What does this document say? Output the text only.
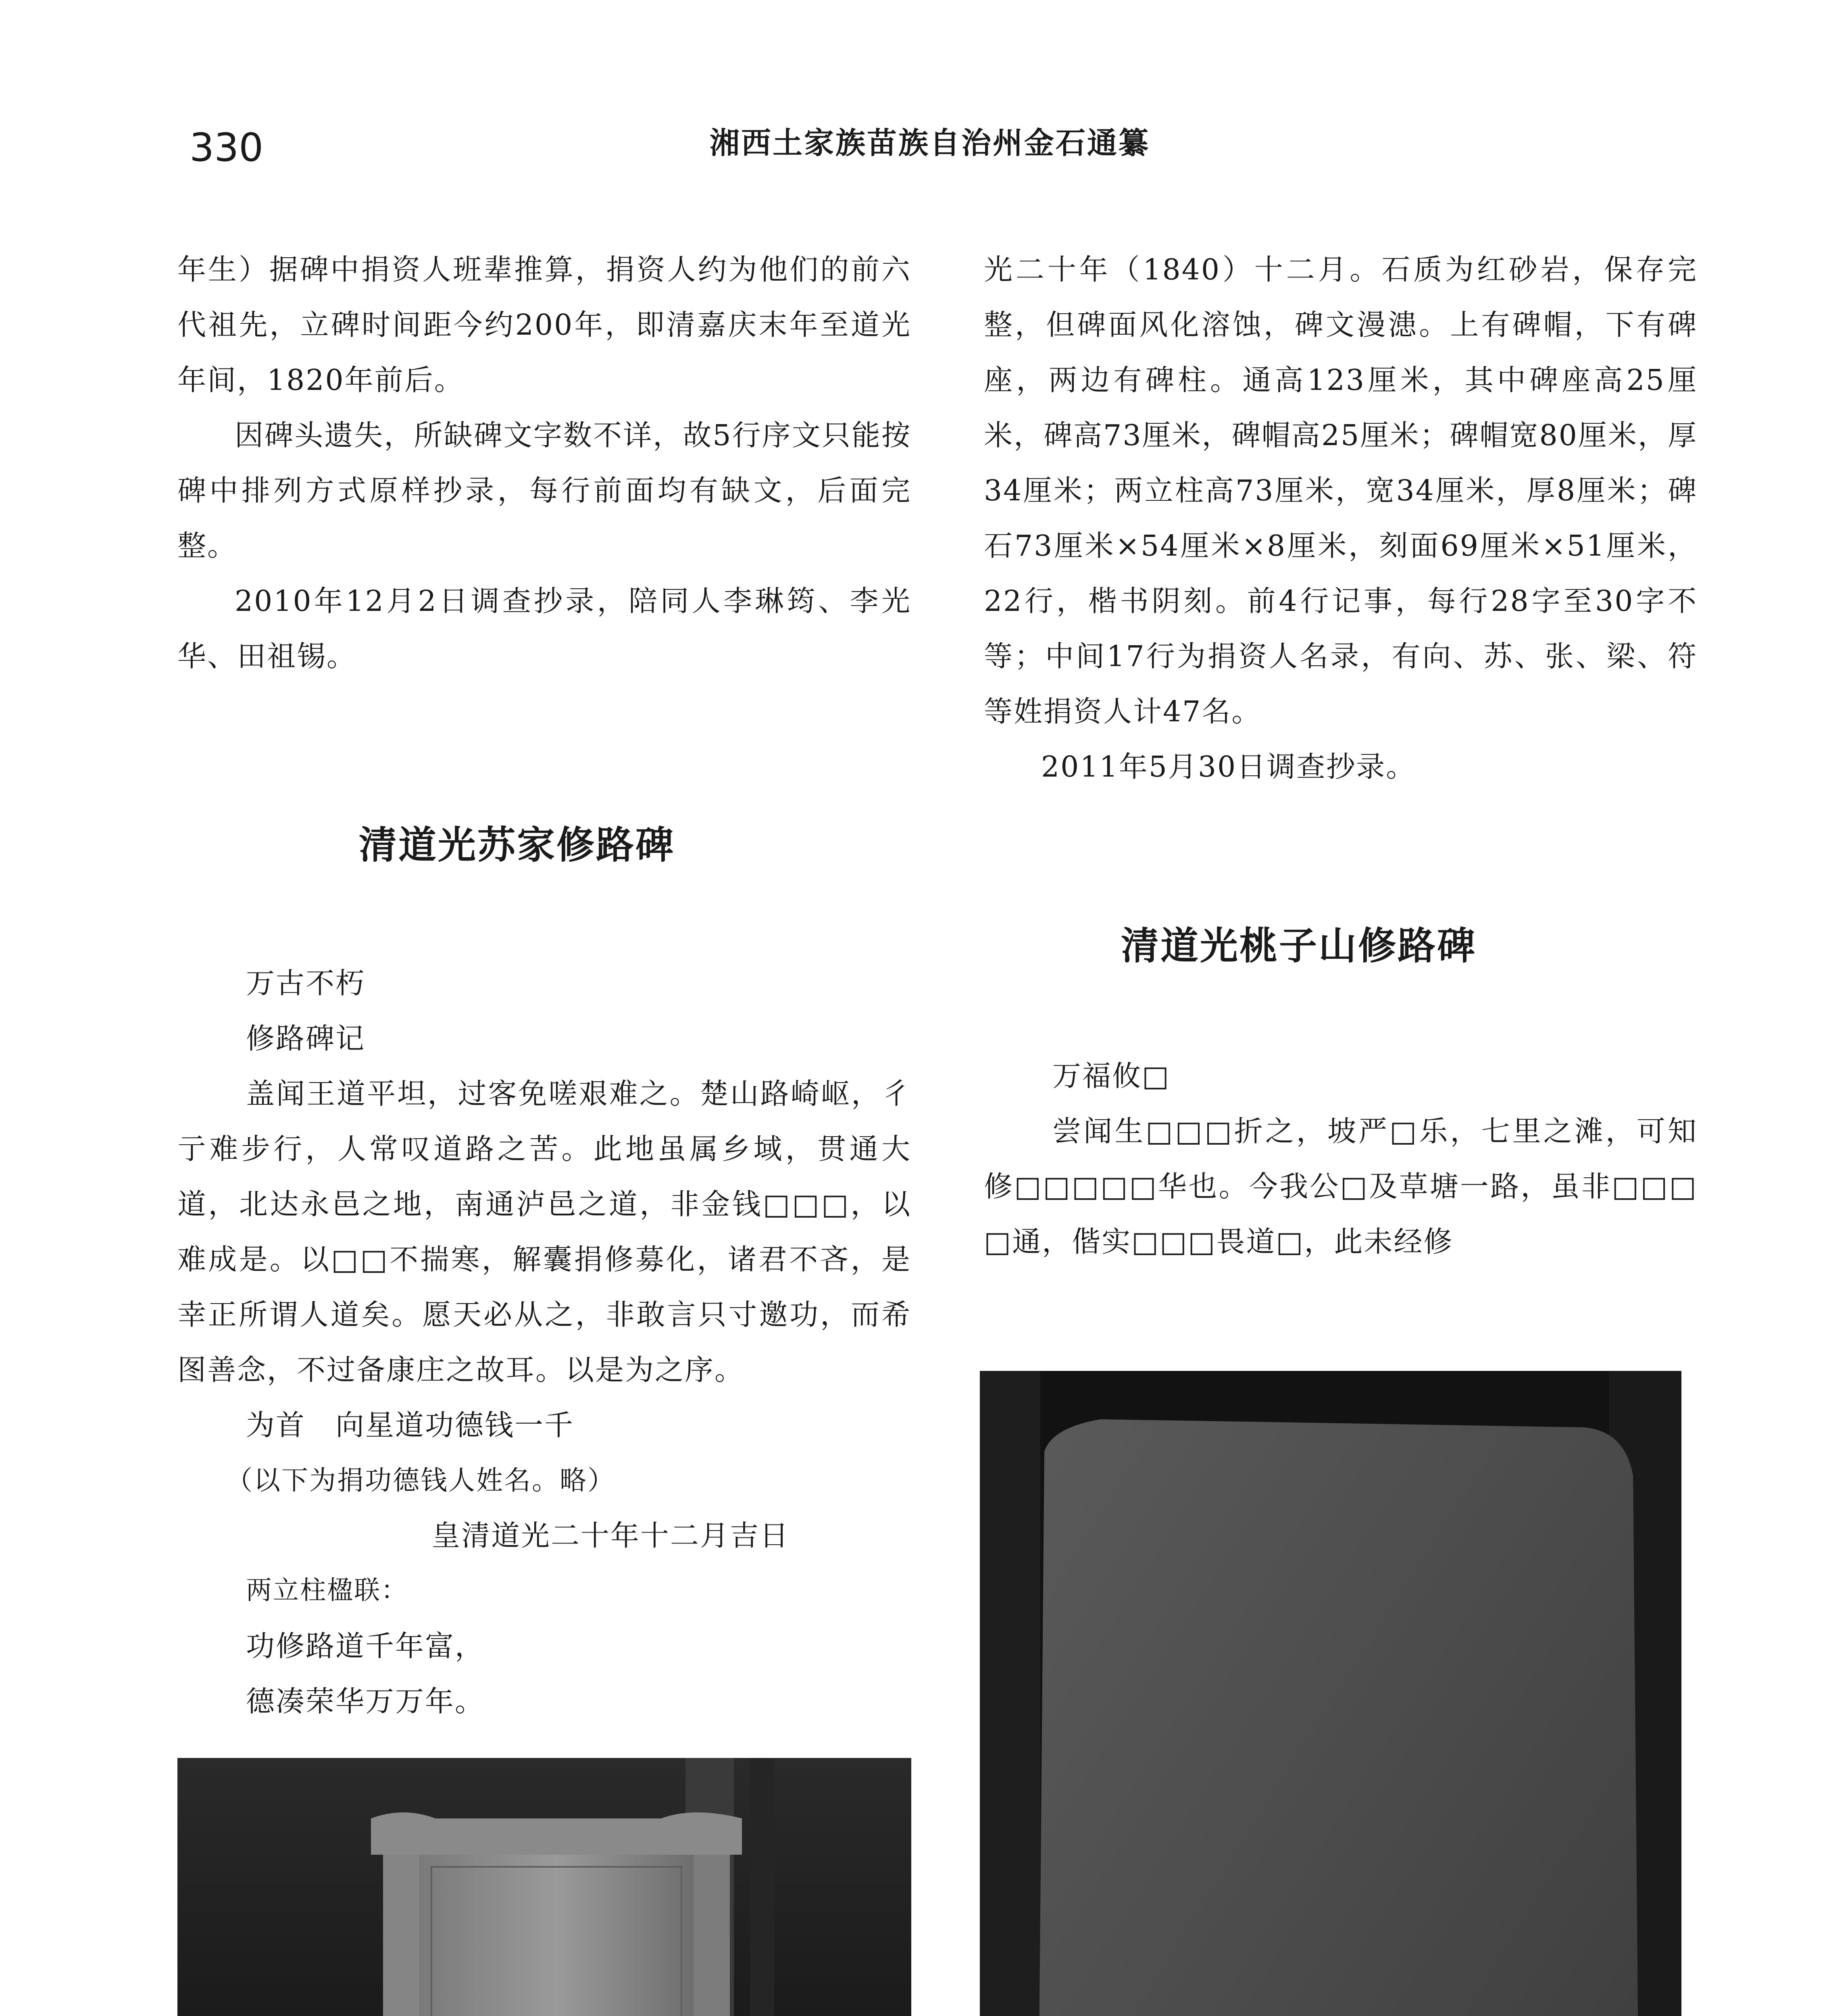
330	湘西土家族苗族自治州金石通纂

年生）据碑中捐资人班辈推算，捐资人约为他们的前六代祖先，立碑时间距今约200年，即清嘉庆末年至道光年间，1820年前后。

因碑头遗失，所缺碑文字数不详，故5行序文只能按碑中排列方式原样抄录，每行前面均有缺文，后面完整。

2010年12月2日调查抄录，陪同人李琳筠、李光华、田祖锡。

光二十年（1840）十二月。石质为红砂岩，保存完整，但碑面风化溶蚀，碑文漫漶。上有碑帽，下有碑座，两边有碑柱。通高123厘米，其中碑座高25厘米，碑高73厘米，碑帽高25厘米；碑帽宽80厘米，厚34厘米；两立柱高73厘米，宽34厘米，厚8厘米；碑石73厘米×54厘米×8厘米，刻面69厘米×51厘米，22行，楷书阴刻。前4行记事，每行28字至30字不等；中间17行为捐资人名录，有向、苏、张、梁、符等姓捐资人计47名。

2011年5月30日调查抄录。

清道光苏家修路碑
万古不朽
修路碑记

盖闻王道平坦，过客免嗟艰难之。楚山路崎岖，彳亍难步行，人常叹道路之苦。此地虽属乡域，贯通大道，北达永邑之地，南通泸邑之道，非金钱□□□，以难成是。以□□不揣寒，解囊捐修募化，诸君不吝，是幸正所谓人道矣。愿天必从之，非敢言只寸邀功，而希图善念，不过备康庄之故耳。以是为之序。

为首　向星道功德钱一千
（以下为捐功德钱人姓名。略）
皇清道光二十年十二月吉日
两立柱楹联：
功修路道千年富，
德凑荣华万万年。

清道光桃子山修路碑
万福攸□

尝闻生□□□折之，坡严□乐，七里之滩，可知修□□□□□华也。今我公□及草塘一路，虽非□□□□通，偕实□□□畏道□，此未经修
